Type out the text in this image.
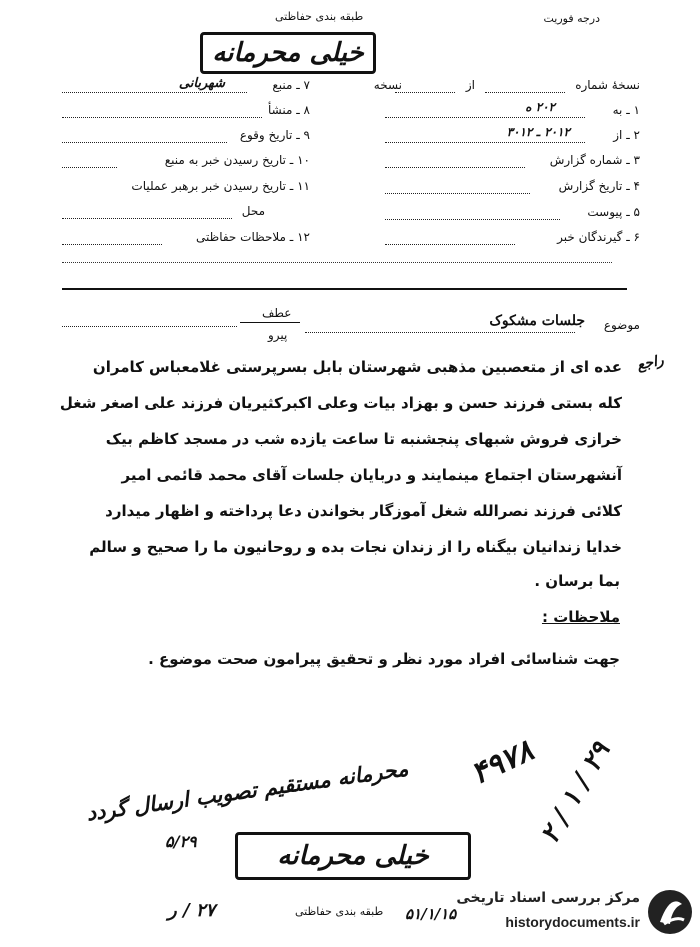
درجه فوریت
طبقه بندی حفاظتی
خیلی محرمانه
نسخهٔ شماره
از
نسخه
۱ ـ به
۲۰۲ ه
۲ ـ از
۲۰۱۲ ـ ۳۰۱۲
۳ ـ شماره گزارش
۴ ـ تاریخ گزارش
۵ ـ پیوست
۶ ـ گیرندگان خبر
۷ ـ منبع
شهربانی
۸ ـ منشأ
۹ ـ تاریخ وقوع
۱۰ ـ تاریخ رسیدن خبر به منبع
۱۱ ـ تاریخ رسیدن خبر برهبر عملیات
محل
۱۲ ـ ملاحظات حفاظتی
عطف
پیرو
موضوع
جلسات مشکوک
راجع
عده ای از متعصبین مذهبی شهرستان بابل بسرپرستی غلامعباس کامران
کله بستی فرزند حسن و بهزاد بیات وعلی اکبرکثیریان فرزند علی اصغر شغل
خرازی فروش شبهای پنجشنبه تا ساعت یازده شب در مسجد کاظم بیک
آنشهرستان اجتماع مینمایند و دربایان جلسات آقای محمد قائمی امیر
کلائی فرزند نصرالله شغل آموزگار بخواندن دعا پرداخته و اظهار میدارد
خدایا زندانیان بیگناه را از زندان نجات بده و روحانیون ما را صحیح و سالم
بما برسان .
ملاحظات :
جهت شناسائی افراد مورد نظر و تحقیق پیرامون صحت موضوع .
۴۹۷۸
۲۹ / ۱ / ۲
محرمانه مستقیم تصویب ارسال گردد
۵/۲۹
۲۷ / ر
خیلی محرمانه
۵۱/۱/۱۵
طبقه بندی حفاظتی
مرکز بررسی اسناد تاریخی
historydocuments.ir
